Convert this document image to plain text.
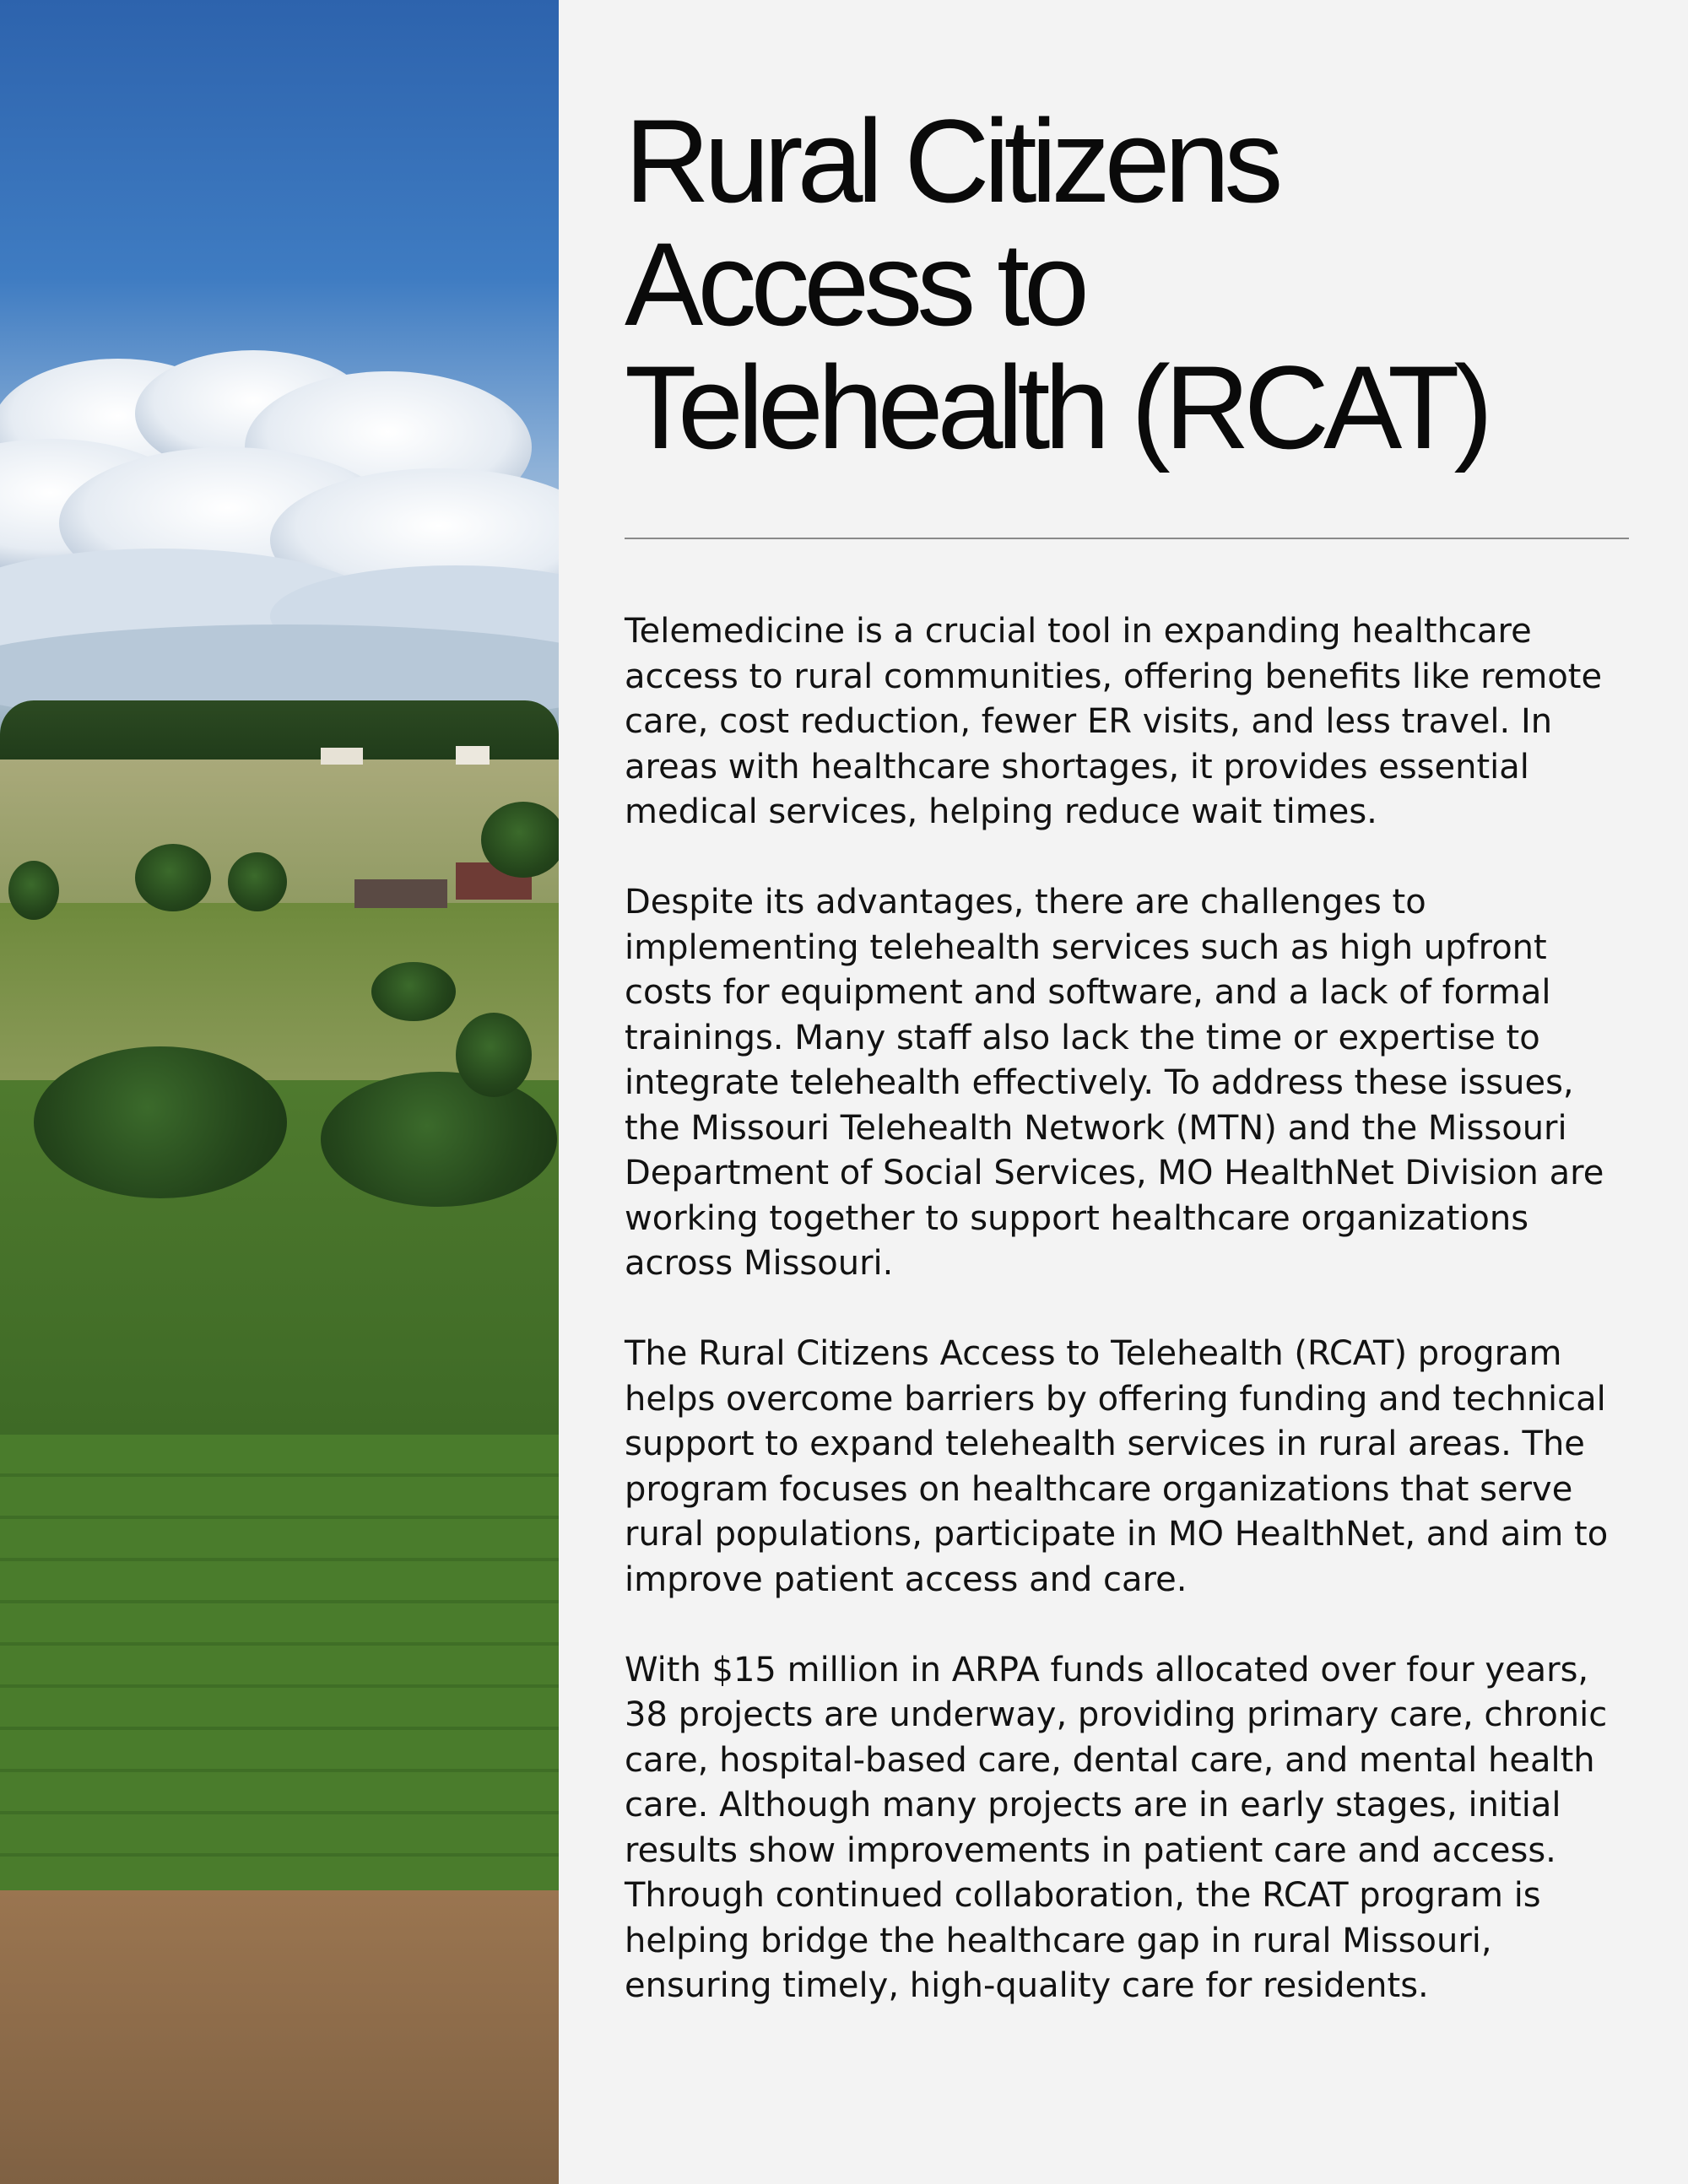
Rural Citizens
Access to
Telehealth (RCAT)

Telemedicine is a crucial tool in expanding healthcare access to rural communities, offering benefits like remote care, cost reduction, fewer ER visits, and less travel. In areas with healthcare shortages, it provides essential medical services, helping reduce wait times.

Despite its advantages, there are challenges to implementing telehealth services such as high upfront costs for equipment and software, and a lack of formal trainings. Many staff also lack the time or expertise to integrate telehealth effectively. To address these issues, the Missouri Telehealth Network (MTN) and the Missouri Department of Social Services, MO HealthNet Division are working together to support healthcare organizations across Missouri.

The Rural Citizens Access to Telehealth (RCAT) program helps overcome barriers by offering funding and technical support to expand telehealth services in rural areas. The program focuses on healthcare organizations that serve rural populations, participate in MO HealthNet, and aim to improve patient access and care.

With $15 million in ARPA funds allocated over four years, 38 projects are underway, providing primary care, chronic care, hospital-based care, dental care, and mental health care. Although many projects are in early stages, initial results show improvements in patient care and access. Through continued collaboration, the RCAT program is helping bridge the healthcare gap in rural Missouri, ensuring timely, high-quality care for residents.
